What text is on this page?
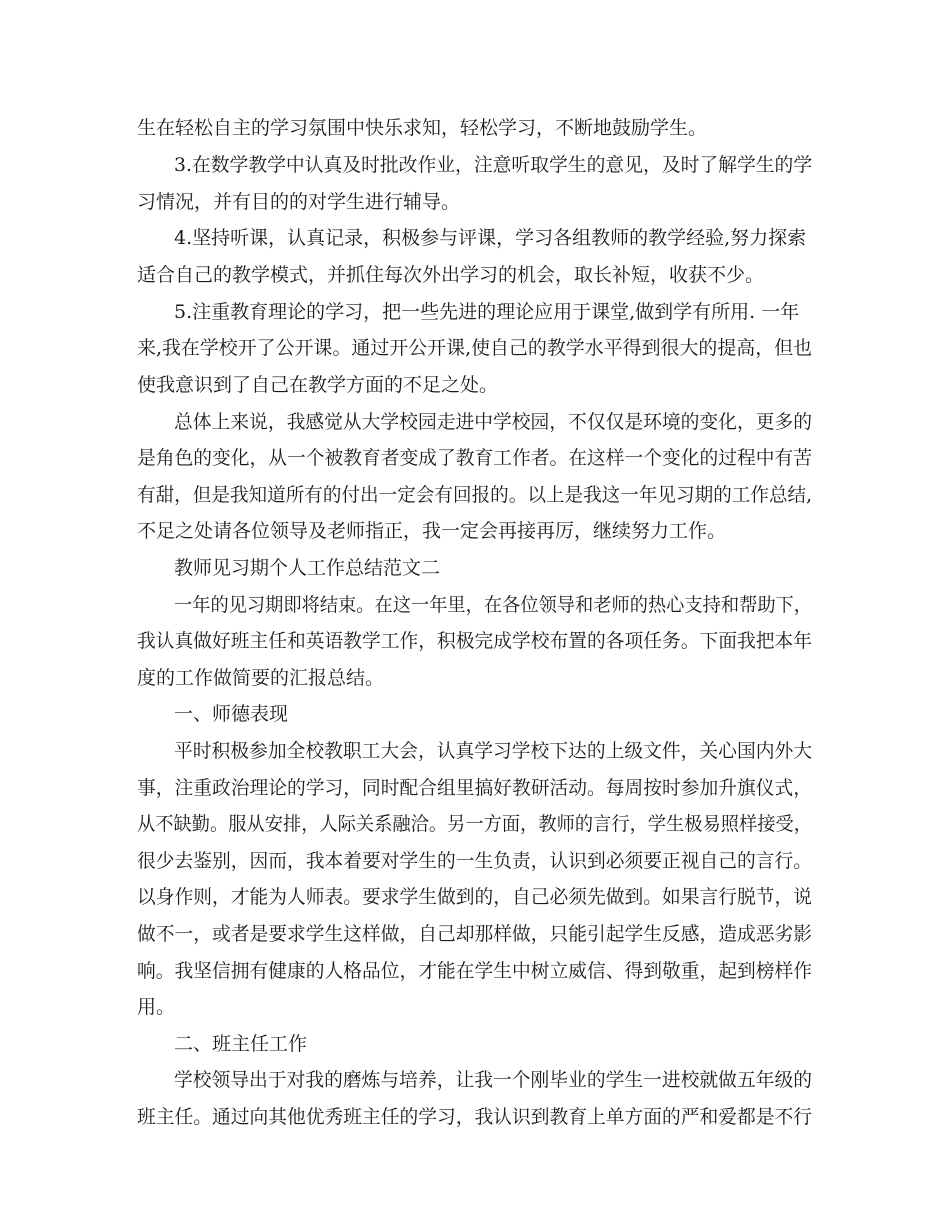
生在轻松自主的学习氛围中快乐求知，轻松学习，不断地鼓励学生。
3.在数学教学中认真及时批改作业，注意听取学生的意见，及时了解学生的学
习情况，并有目的的对学生进行辅导。
4.坚持听课，认真记录，积极参与评课，学习各组教师的教学经验,努力探索
适合自己的教学模式，并抓住每次外出学习的机会，取长补短，收获不少。
5.注重教育理论的学习，把一些先进的理论应用于课堂,做到学有所用. 一年
来,我在学校开了公开课。通过开公开课,使自己的教学水平得到很大的提高，但也
使我意识到了自己在教学方面的不足之处。
总体上来说，我感觉从大学校园走进中学校园，不仅仅是环境的变化，更多的
是角色的变化，从一个被教育者变成了教育工作者。在这样一个变化的过程中有苦
有甜，但是我知道所有的付出一定会有回报的。以上是我这一年见习期的工作总结,
不足之处请各位领导及老师指正，我一定会再接再厉，继续努力工作。
教师见习期个人工作总结范文二
一年的见习期即将结束。在这一年里，在各位领导和老师的热心支持和帮助下，
我认真做好班主任和英语教学工作，积极完成学校布置的各项任务。下面我把本年
度的工作做简要的汇报总结。
一、师德表现
平时积极参加全校教职工大会，认真学习学校下达的上级文件，关心国内外大
事，注重政治理论的学习，同时配合组里搞好教研活动。每周按时参加升旗仪式，
从不缺勤。服从安排，人际关系融洽。另一方面，教师的言行，学生极易照样接受，
很少去鉴别，因而，我本着要对学生的一生负责，认识到必须要正视自己的言行。
以身作则，才能为人师表。要求学生做到的，自己必须先做到。如果言行脱节，说
做不一，或者是要求学生这样做，自己却那样做，只能引起学生反感，造成恶劣影
响。我坚信拥有健康的人格品位，才能在学生中树立威信、得到敬重，起到榜样作
用。
二、班主任工作
学校领导出于对我的磨炼与培养，让我一个刚毕业的学生一进校就做五年级的
班主任。通过向其他优秀班主任的学习，我认识到教育上单方面的严和爱都是不行
